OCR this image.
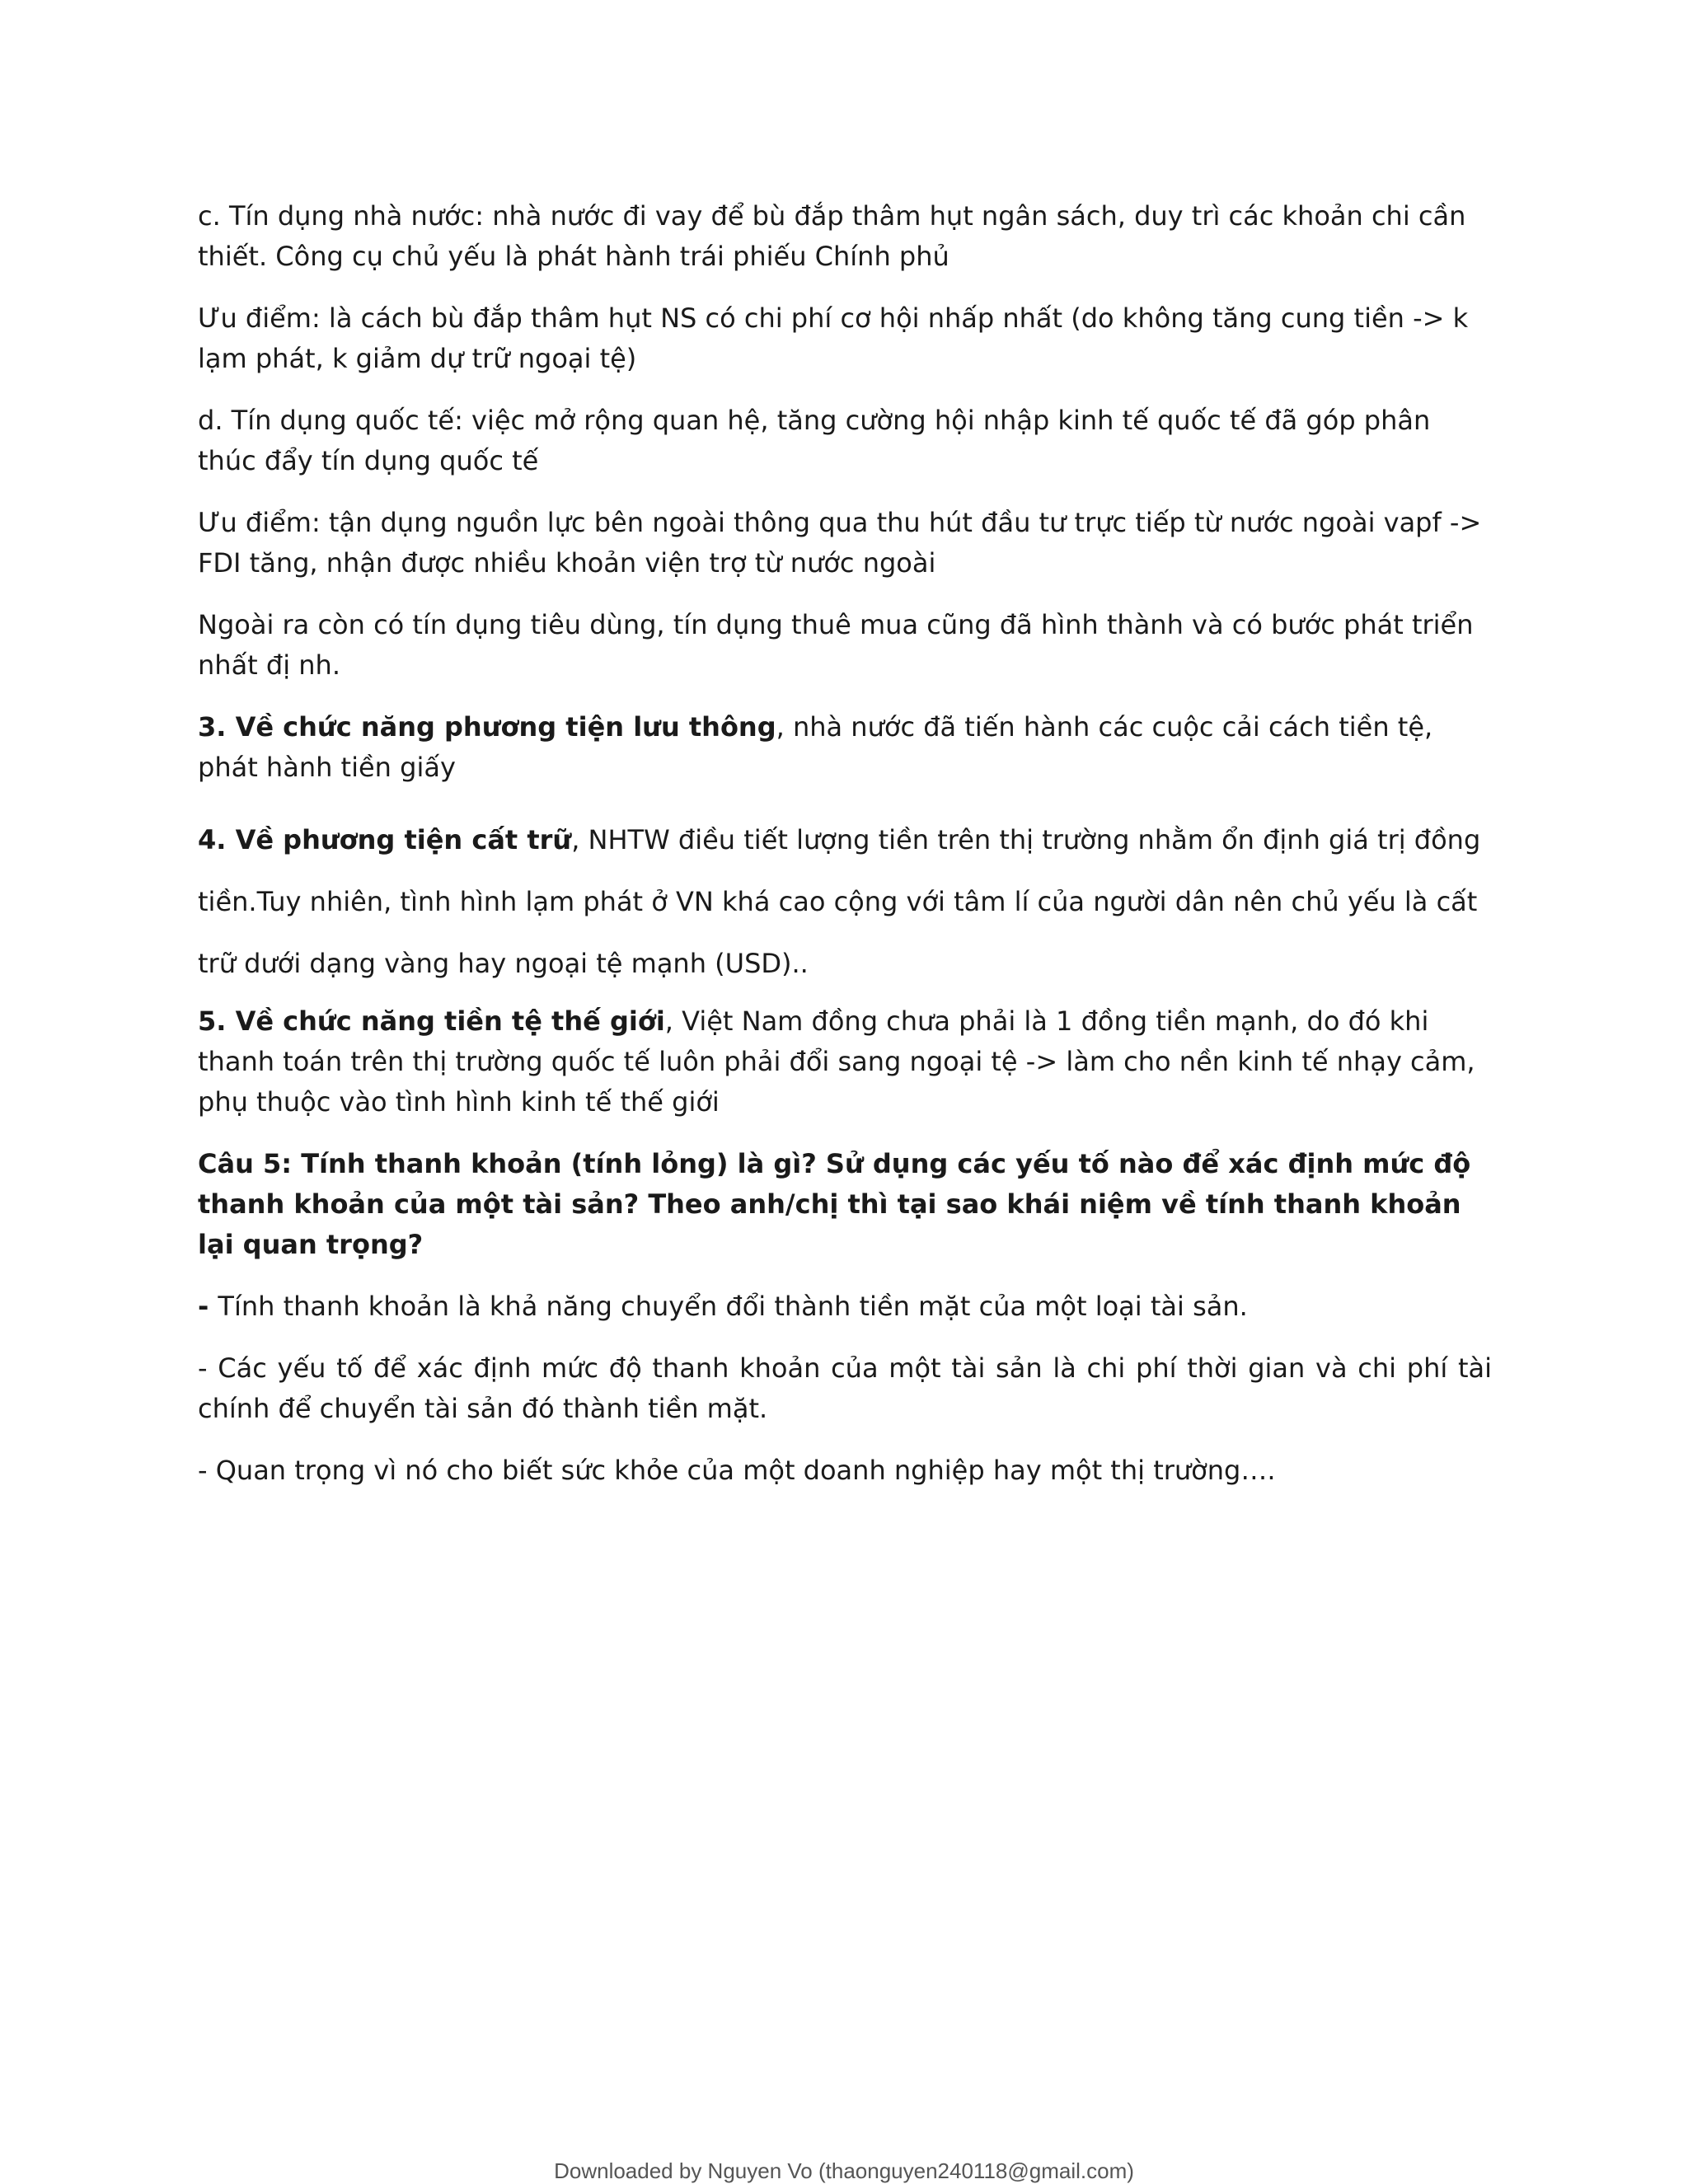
c. Tín dụng nhà nước: nhà nước đi vay để bù đắp thâm hụt ngân sách, duy trì các khoản chi cần thiết. Công cụ chủ yếu là phát hành trái phiếu Chính phủ

Ưu điểm: là cách bù đắp thâm hụt NS có chi phí cơ hội nhấp nhất (do không tăng cung tiền -> k lạm phát, k giảm dự trữ ngoại tệ)

d. Tín dụng quốc tế: việc mở rộng quan hệ, tăng cường hội nhập kinh tế quốc tế đã góp phân thúc đẩy tín dụng quốc tế

Ưu điểm: tận dụng nguồn lực bên ngoài thông qua thu hút đầu tư trực tiếp từ nước ngoài vapf -> FDI tăng, nhận được nhiều khoản viện trợ từ nước ngoài

Ngoài ra còn có tín dụng tiêu dùng, tín dụng thuê mua cũng đã hình thành và có bước phát triển nhất đị nh.

3. Về chức năng phương tiện lưu thông, nhà nước đã tiến hành các cuộc cải cách tiền tệ, phát hành tiền giấy

4. Về phương tiện cất trữ, NHTW điều tiết lượng tiền trên thị trường nhằm ổn định giá trị đồng tiền.Tuy nhiên, tình hình lạm phát ở VN khá cao cộng với tâm lí của người dân nên chủ yếu là cất trữ dưới dạng vàng hay ngoại tệ mạnh (USD)..

5. Về chức năng tiền tệ thế giới, Việt Nam đồng chưa phải là 1 đồng tiền mạnh, do đó khi thanh toán trên thị trường quốc tế luôn phải đổi sang ngoại tệ -> làm cho nền kinh tế nhạy cảm, phụ thuộc vào tình hình kinh tế thế giới

Câu 5: Tính thanh khoản (tính lỏng) là gì? Sử dụng các yếu tố nào để xác định mức độ thanh khoản của một tài sản? Theo anh/chị thì tại sao khái niệm về tính thanh khoản lại quan trọng?

- Tính thanh khoản là khả năng chuyển đổi thành tiền mặt của một loại tài sản.

- Các yếu tố để xác định mức độ thanh khoản của một tài sản là chi phí thời gian và chi phí tài chính để chuyển tài sản đó thành tiền mặt.

- Quan trọng vì nó cho biết sức khỏe của một doanh nghiệp hay một thị trường….

Downloaded by Nguyen Vo (thaonguyen240118@gmail.com)
